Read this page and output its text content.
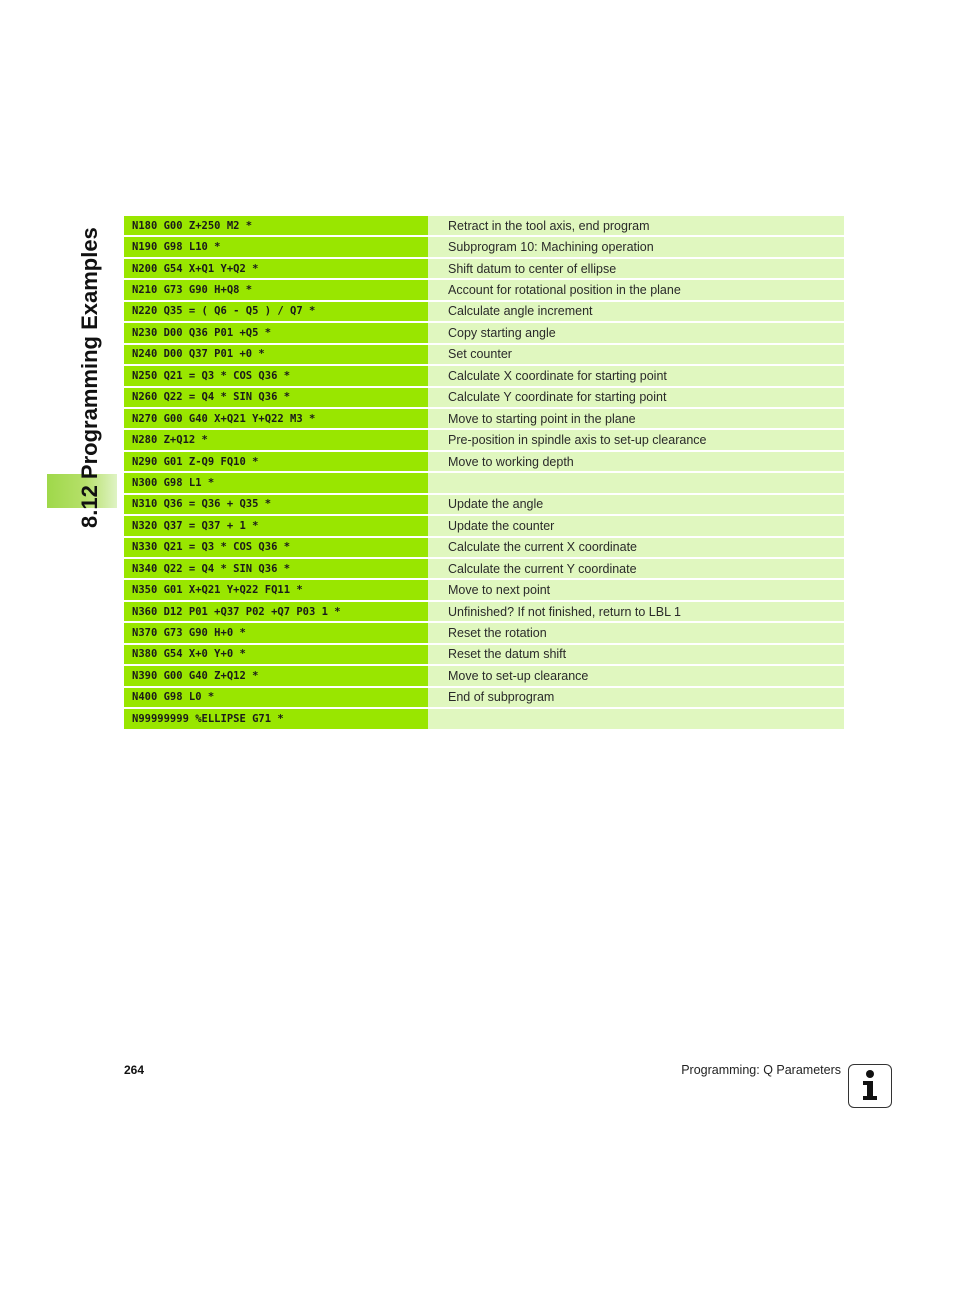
8.12 Programming Examples
N180 G00 Z+250 M2 *	Retract in the tool axis, end program
N190 G98 L10 *	Subprogram 10: Machining operation
N200 G54 X+Q1 Y+Q2 *	Shift datum to center of ellipse
N210 G73 G90 H+Q8 *	Account for rotational position in the plane
N220 Q35 = ( Q6 - Q5 ) / Q7 *	Calculate angle increment
N230 D00 Q36 P01 +Q5 *	Copy starting angle
N240 D00 Q37 P01 +0 *	Set counter
N250 Q21 = Q3 * COS Q36 *	Calculate X coordinate for starting point
N260 Q22 = Q4 * SIN Q36 *	Calculate Y coordinate for starting point
N270 G00 G40 X+Q21 Y+Q22 M3 *	Move to starting point in the plane
N280 Z+Q12 *	Pre-position in spindle axis to set-up clearance
N290 G01 Z-Q9 FQ10 *	Move to working depth
N300 G98 L1 *
N310 Q36 = Q36 + Q35 *	Update the angle
N320 Q37 = Q37 + 1 *	Update the counter
N330 Q21 = Q3 * COS Q36 *	Calculate the current X coordinate
N340 Q22 = Q4 * SIN Q36 *	Calculate the current Y coordinate
N350 G01 X+Q21 Y+Q22 FQ11 *	Move to next point
N360 D12 P01 +Q37 P02 +Q7 P03 1 *	Unfinished? If not finished, return to LBL 1
N370 G73 G90 H+0 *	Reset the rotation
N380 G54 X+0 Y+0 *	Reset the datum shift
N390 G00 G40 Z+Q12 *	Move to set-up clearance
N400 G98 L0 *	End of subprogram
N99999999 %ELLIPSE G71 *
264	Programming: Q Parameters
